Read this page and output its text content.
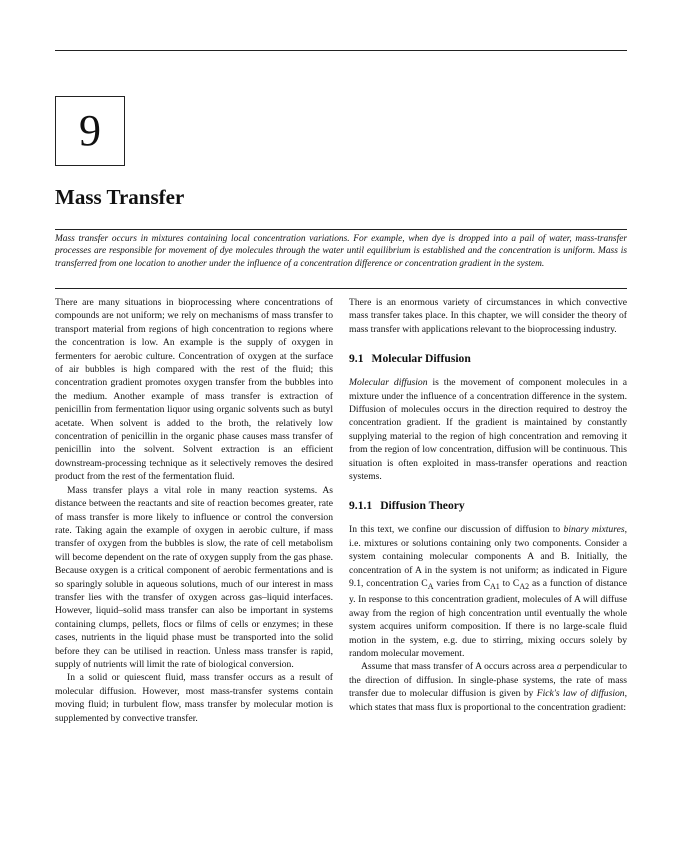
9
Mass Transfer

Mass transfer occurs in mixtures containing local concentration variations. For example, when dye is dropped into a pail of water, mass-transfer processes are responsible for movement of dye molecules through the water until equilibrium is established and the concentration is uniform. Mass is transferred from one location to another under the influence of a concentration difference or concentration gradient in the system.

There are many situations in bioprocessing where concentrations of compounds are not uniform; we rely on mechanisms of mass transfer to transport material from regions of high concentration to regions where the concentration is low. An example is the supply of oxygen in fermenters for aerobic culture. Concentration of oxygen at the surface of air bubbles is high compared with the rest of the fluid; this concentration gradient promotes oxygen transfer from the bubbles into the medium. Another example of mass transfer is extraction of penicillin from fermentation liquor using organic solvents such as butyl acetate. When solvent is added to the broth, the relatively low concentration of penicillin in the organic phase causes mass transfer of penicillin into the solvent. Solvent extraction is an efficient downstream-processing technique as it selectively removes the desired product from the rest of the fermentation fluid.

Mass transfer plays a vital role in many reaction systems. As distance between the reactants and site of reaction becomes greater, rate of mass transfer is more likely to influence or control the conversion rate. Taking again the example of oxygen in aerobic culture, if mass transfer of oxygen from the bubbles is slow, the rate of cell metabolism will become dependent on the rate of oxygen supply from the gas phase. Because oxygen is a critical component of aerobic fermentations and is so sparingly soluble in aqueous solutions, much of our interest in mass transfer lies with the transfer of oxygen across gas–liquid interfaces. However, liquid–solid mass transfer can also be important in systems containing clumps, pellets, flocs or films of cells or enzymes; in these cases, nutrients in the liquid phase must be transported into the solid before they can be utilised in reaction. Unless mass transfer is rapid, supply of nutrients will limit the rate of biological conversion.

In a solid or quiescent fluid, mass transfer occurs as a result of molecular diffusion. However, most mass-transfer systems contain moving fluid; in turbulent flow, mass transfer by molecular motion is supplemented by convective transfer.

There is an enormous variety of circumstances in which convective mass transfer takes place. In this chapter, we will consider the theory of mass transfer with applications relevant to the bioprocessing industry.

9.1 Molecular Diffusion

Molecular diffusion is the movement of component molecules in a mixture under the influence of a concentration difference in the system. Diffusion of molecules occurs in the direction required to destroy the concentration gradient. If the gradient is maintained by constantly supplying material to the region of high concentration and removing it from the region of low concentration, diffusion will be continuous. This situation is often exploited in mass-transfer operations and reaction systems.

9.1.1 Diffusion Theory

In this text, we confine our discussion of diffusion to binary mixtures, i.e. mixtures or solutions containing only two components. Consider a system containing molecular components A and B. Initially, the concentration of A in the system is not uniform; as indicated in Figure 9.1, concentration $C_A$ varies from $C_{A1}$ to $C_{A2}$ as a function of distance y. In response to this concentration gradient, molecules of A will diffuse away from the region of high concentration until eventually the whole system acquires uniform composition. If there is no large-scale fluid motion in the system, e.g. due to stirring, mixing occurs solely by random molecular movement.

Assume that mass transfer of A occurs across area a perpendicular to the direction of diffusion. In single-phase systems, the rate of mass transfer due to molecular diffusion is given by Fick's law of diffusion, which states that mass flux is proportional to the concentration gradient:
